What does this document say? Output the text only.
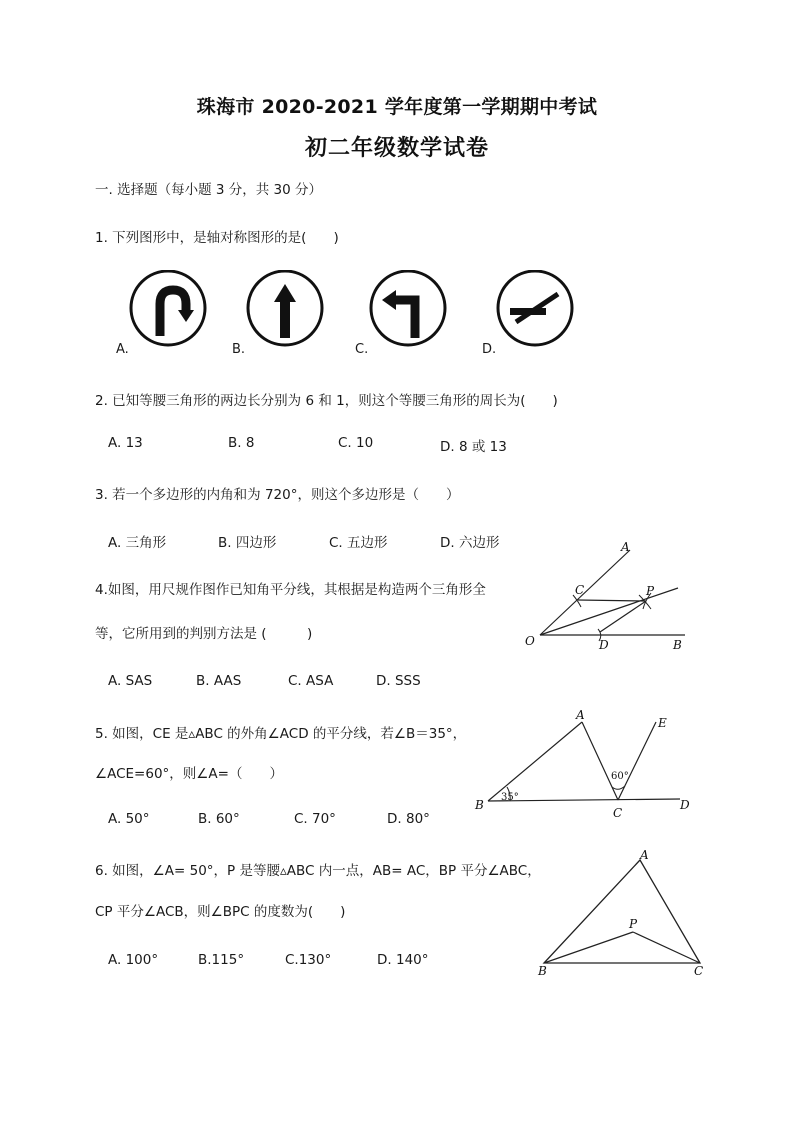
珠海市 2020-2021 学年度第一学期期中考试
初二年级数学试卷
一. 选择题（每小题 3 分，共 30 分）
1. 下列图形中，是轴对称图形的是(　　)
A.	B.	C.	D.
2. 已知等腰三角形的两边长分别为 6 和 1，则这个等腰三角形的周长为(　　)
A. 13	B. 8	C. 10	D. 8 或 13
3. 若一个多边形的内角和为 720°，则这个多边形是（　　）
A. 三角形	B. 四边形	C. 五边形	D. 六边形
4.如图，用尺规作图作已知角平分线，其根据是构造两个三角形全
等，它所用到的判别方法是 (　　　)
A. SAS	B. AAS	C. ASA	D. SSS
A
C	P
O	D	B
5. 如图，CE 是▵ABC 的外角∠ACD 的平分线，若∠B＝35°，
∠ACE=60°，则∠A=（　　）
A. 50°	B. 60°	C. 70°	D. 80°
A
E
B
C
D
35°
60°
6. 如图，∠A= 50°，P 是等腰▵ABC 内一点，AB= AC，BP 平分∠ABC，
CP 平分∠ACB，则∠BPC 的度数为(　　)
A. 100°	B.115°	C.130°	D. 140°
A
P
B	C
